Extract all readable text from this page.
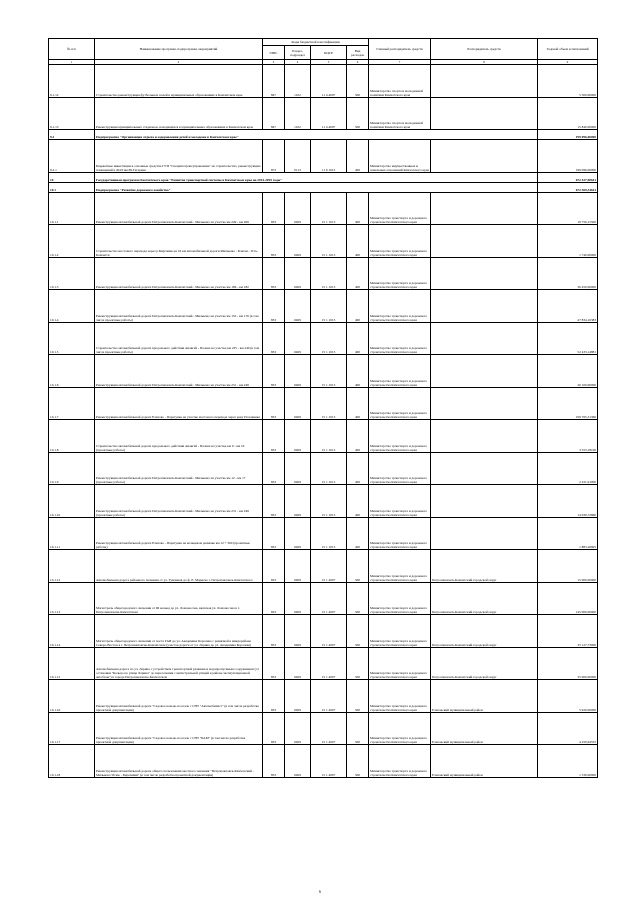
№ п/п	Наименование программ, подпрограмм, мероприятий	Коды бюджетной классификации				Главный распорядитель средств	Распорядитель средств	Годовой объем ассигнований
		ГРБС	Раздел, подраздел	КЦСР	Вид расходов			
1	2	3	4	5	6	7	8	9
9.1.12	Строительство реконструкция футбольных полей в муниципальных образованиях в Камчатском крае	847	1102	11 4 4007	500	Министерство спорта и молодежной политики Камчатского края		5 500,00000
9.1.13	Реконструкция муниципальных стадионов, находящихся в муниципальных образованиях в Камчатском крае	847	1102	11 4 4007	500	Министерство спорта и молодежной политики Камчатского края		15 840,00000
9.2	Подпрограмма "Организация отдыха и оздоровления детей и молодежи в Камчатском крае"							199 096,00000
9.2.1	Бюджетные инвестиции в основные средства ГУП "Спецавтотрансуправление" на строительство, реконструкцию помещений в ДОЛ им Ю.Гагарина	872	0113	11 6 1013	400	Министерство имущественных и земельных отношений Камчатского края		199 096,00000
10	Государственная программа Камчатского края "Развитие транспортной системы в Камчатском крае на 2014-2025 годы"							672 427,90641
10.1	Подпрограмма "Развитие дорожного хозяйства"							672 369,34641
10.1.1	Реконструкция автомобильной дороги Петропавловск-Камчатский - Мильково на участке км 249 - км 269	833	0409	15 1 1013	400	Министерство транспорта и дорожного строительства Камчатского края		19 750,15500
10.1.2	Строительство мостового перехода через р.Кирганик на 16 км автомобильной дороги Мильково - Ключи - Усть-Камчатск	833	0409	15 1 1013	400	Министерство транспорта и дорожного строительства Камчатского края		1 740,00000
10.1.3	Реконструкция автомобильной дороги Петропавловск-Камчатский - Мильково на участке км 166 - км 182	833	0409	15 1 1013	400	Министерство транспорта и дорожного строительства Камчатского края		30 450,00000
10.1.4	Реконструкция автомобильной дороги Петропавловск-Камчатский - Мильково на участке км 152 - км 170 (в том числе проектные работы)	833	0409	15 1 1013	400	Министерство транспорта и дорожного строительства Камчатского края		47 834,16383
10.1.5	Строительство автомобильной дороги продольного действия Анавгай - Палана на участке км 235 - км 240 (в том числе проектные работы)	833	0409	15 1 1013	400	Министерство транспорта и дорожного строительства Камчатского края		52 433,14881
10.1.6	Реконструкция автомобильной дороги Петропавловск-Камчатский - Мильково на участке км 231 - км 249	833	0409	15 1 1013	400	Министерство транспорта и дорожного строительства Камчатского края		26 100,00000
10.1.7	Реконструкция автомобильной дороги Елизово - Паратунка на участке мостового перехода через реку Половинка	833	0409	15 1 1013	400	Министерство транспорта и дорожного строительства Камчатского края		199 765,31360
10.1.8	Строительство автомобильной дороги продольного действия Анавгай - Палана на участке км 0 - км 16 (проектные работы)	833	0409	15 1 1013	400	Министерство транспорта и дорожного строительства Камчатского края		3 553,18100
10.1.9	Реконструкция автомобильной дороги Петропавловск-Камчатский - Мильково на участке км 12 - км 17 (проектные работы)	833	0409	15 1 1013	400	Министерство транспорта и дорожного строительства Камчатского края		2 221,91000
10.1.10	Реконструкция автомобильной дороги Петропавловск-Камчатский - Мильково на участке км 231 - км 249 (проектные работы)	833	0409	15 1 1013	400	Министерство транспорта и дорожного строительства Камчатского края		14 630,72860
10.1.11	Реконструкция автомобильной дороги Елизово - Паратунка на кольцевом развязке км 12 + 300 (проектные работы)	833	0409	15 1 1013	400	Министерство транспорта и дорожного строительства Камчатского края		1 883,26695
10.1.12	Автомобильная дорога районного значения от ул. Туманная до ф. Е. Мариско г. Петропавловск-Камчатского	833	0409	15 1 4007	500	Министерство транспорта и дорожного строительства Камчатского края	Петропавловск-Камчатский городской округ	15 000,00000
10.1.13	Магистраль общегородского значения от Ш кольца до ул. Ломоносова, включая ул. Ломоносова в г. Петропавловске-Камчатском	833	0409	15 1 4007	500	Министерство транспорта и дорожного строительства Камчатского края	Петропавловск-Камчатский городской округ	145 000,00000
10.1.14	Магистраль общегородского значения от поста ГАИ до ул. Академика Королева с развязкой в микрорайоне Северо-Восток в г. Петропавловске-Камчатском (участок дороги от ул. Ларина до ул. Академика Королева)	833	0409	15 1 4007	500	Министерство транспорта и дорожного строительства Камчатского края	Петропавловск-Камчатский городской округ	35 127,73000
10.1.15	Автомобильная дорога по ул. Ларина с устройством транспортной развязки и водопропускным сооружением (от остановки "Кольцо по улице Ларина" до пересечения с магистральной улицей в районе эксплуатационной автобазы") в городе Петропавловске-Камчатском	833	0409	15 1 4007	500	Министерство транспорта и дорожного строительства Камчатского края	Петропавловск-Камчатский городской округ	35 000,00000
10.1.16	Реконструкция автомобильной дороги "Садовое кольцо-поселок с СНТ "Автомобилист" (в том числе разработка проектной документации)	833	0409	15 1 4007	500	Министерство транспорта и дорожного строительства Камчатского края	Елизовский муниципальный район	5 920,00000
10.1.17	Реконструкция автомобильной дороги "Садовое кольцо-поселок с СНТ "БАМ" (в том числе разработка проектной документации)	833	0409	15 1 4007	500	Министерство транспорта и дорожного строительства Камчатского края	Елизовский муниципальный район	4 250,64535
10.1.18	Реконструкция автомобильной дороги общего пользования местного значения "Петропавловск-Камчатский - Мильково 56 км. - Березняки" (в том числе разработка проектной документации)	833	0409	15 1 4007	500	Министерство транспорта и дорожного строительства Камчатского края	Елизовский муниципальный район	1 530,00000
6
